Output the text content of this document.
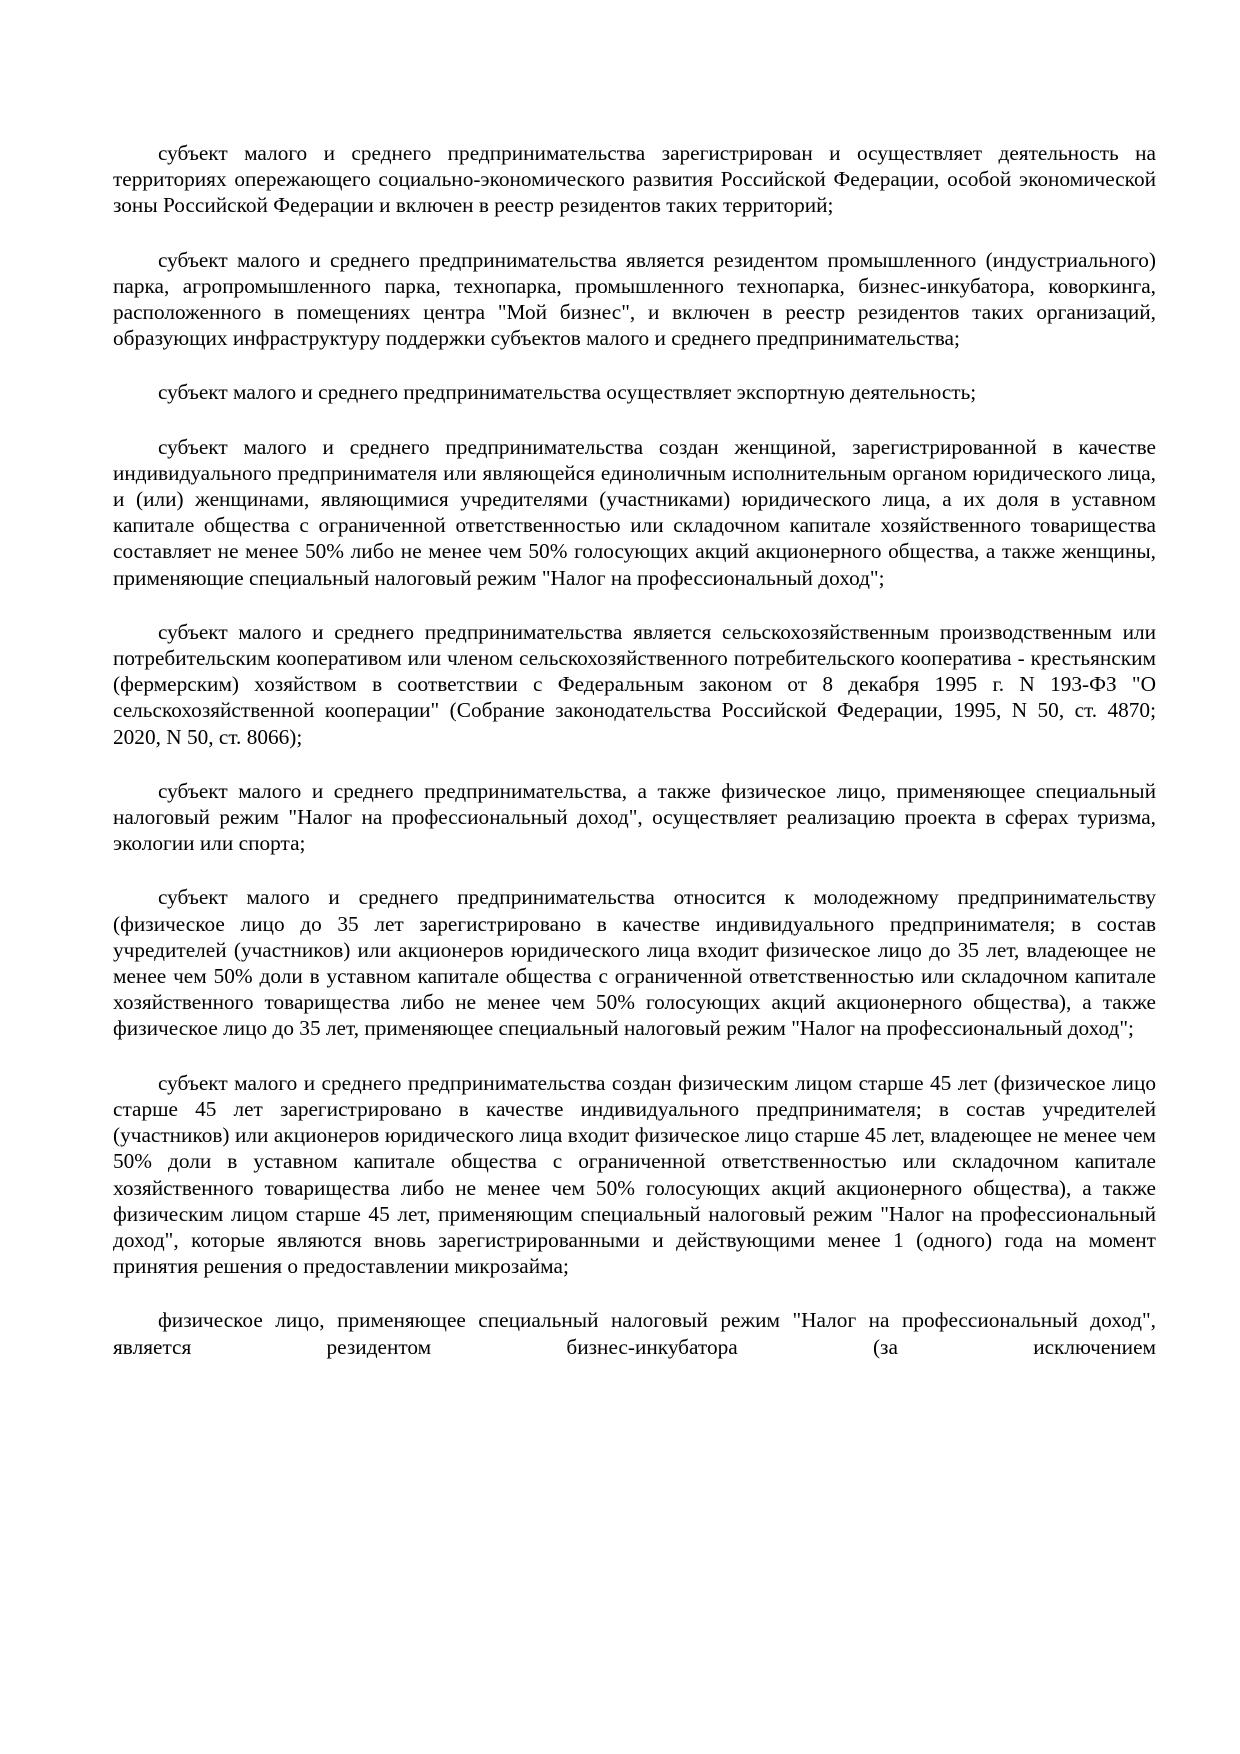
субъект малого и среднего предпринимательства зарегистрирован и осуществляет деятельность на территориях опережающего социально-экономического развития Российской Федерации, особой экономической зоны Российской Федерации и включен в реестр резидентов таких территорий;

субъект малого и среднего предпринимательства является резидентом промышленного (индустриального) парка, агропромышленного парка, технопарка, промышленного технопарка, бизнес-инкубатора, коворкинга, расположенного в помещениях центра "Мой бизнес", и включен в реестр резидентов таких организаций, образующих инфраструктуру поддержки субъектов малого и среднего предпринимательства;

субъект малого и среднего предпринимательства осуществляет экспортную деятельность;

субъект малого и среднего предпринимательства создан женщиной, зарегистрированной в качестве индивидуального предпринимателя или являющейся единоличным исполнительным органом юридического лица, и (или) женщинами, являющимися учредителями (участниками) юридического лица, а их доля в уставном капитале общества с ограниченной ответственностью или складочном капитале хозяйственного товарищества составляет не менее 50% либо не менее чем 50% голосующих акций акционерного общества, а также женщины, применяющие специальный налоговый режим "Налог на профессиональный доход";

субъект малого и среднего предпринимательства является сельскохозяйственным производственным или потребительским кооперативом или членом сельскохозяйственного потребительского кооператива - крестьянским (фермерским) хозяйством в соответствии с Федеральным законом от 8 декабря 1995 г. N 193-ФЗ "О сельскохозяйственной кооперации" (Собрание законодательства Российской Федерации, 1995, N 50, ст. 4870; 2020, N 50, ст. 8066);

субъект малого и среднего предпринимательства, а также физическое лицо, применяющее специальный налоговый режим "Налог на профессиональный доход", осуществляет реализацию проекта в сферах туризма, экологии или спорта;

субъект малого и среднего предпринимательства относится к молодежному предпринимательству (физическое лицо до 35 лет зарегистрировано в качестве индивидуального предпринимателя; в состав учредителей (участников) или акционеров юридического лица входит физическое лицо до 35 лет, владеющее не менее чем 50% доли в уставном капитале общества с ограниченной ответственностью или складочном капитале хозяйственного товарищества либо не менее чем 50% голосующих акций акционерного общества), а также физическое лицо до 35 лет, применяющее специальный налоговый режим "Налог на профессиональный доход";

субъект малого и среднего предпринимательства создан физическим лицом старше 45 лет (физическое лицо старше 45 лет зарегистрировано в качестве индивидуального предпринимателя; в состав учредителей (участников) или акционеров юридического лица входит физическое лицо старше 45 лет, владеющее не менее чем 50% доли в уставном капитале общества с ограниченной ответственностью или складочном капитале хозяйственного товарищества либо не менее чем 50% голосующих акций акционерного общества), а также физическим лицом старше 45 лет, применяющим специальный налоговый режим "Налог на профессиональный доход", которые являются вновь зарегистрированными и действующими менее 1 (одного) года на момент принятия решения о предоставлении микрозайма;

физическое лицо, применяющее специальный налоговый режим "Налог на профессиональный доход", является резидентом бизнес-инкубатора (за исключением
